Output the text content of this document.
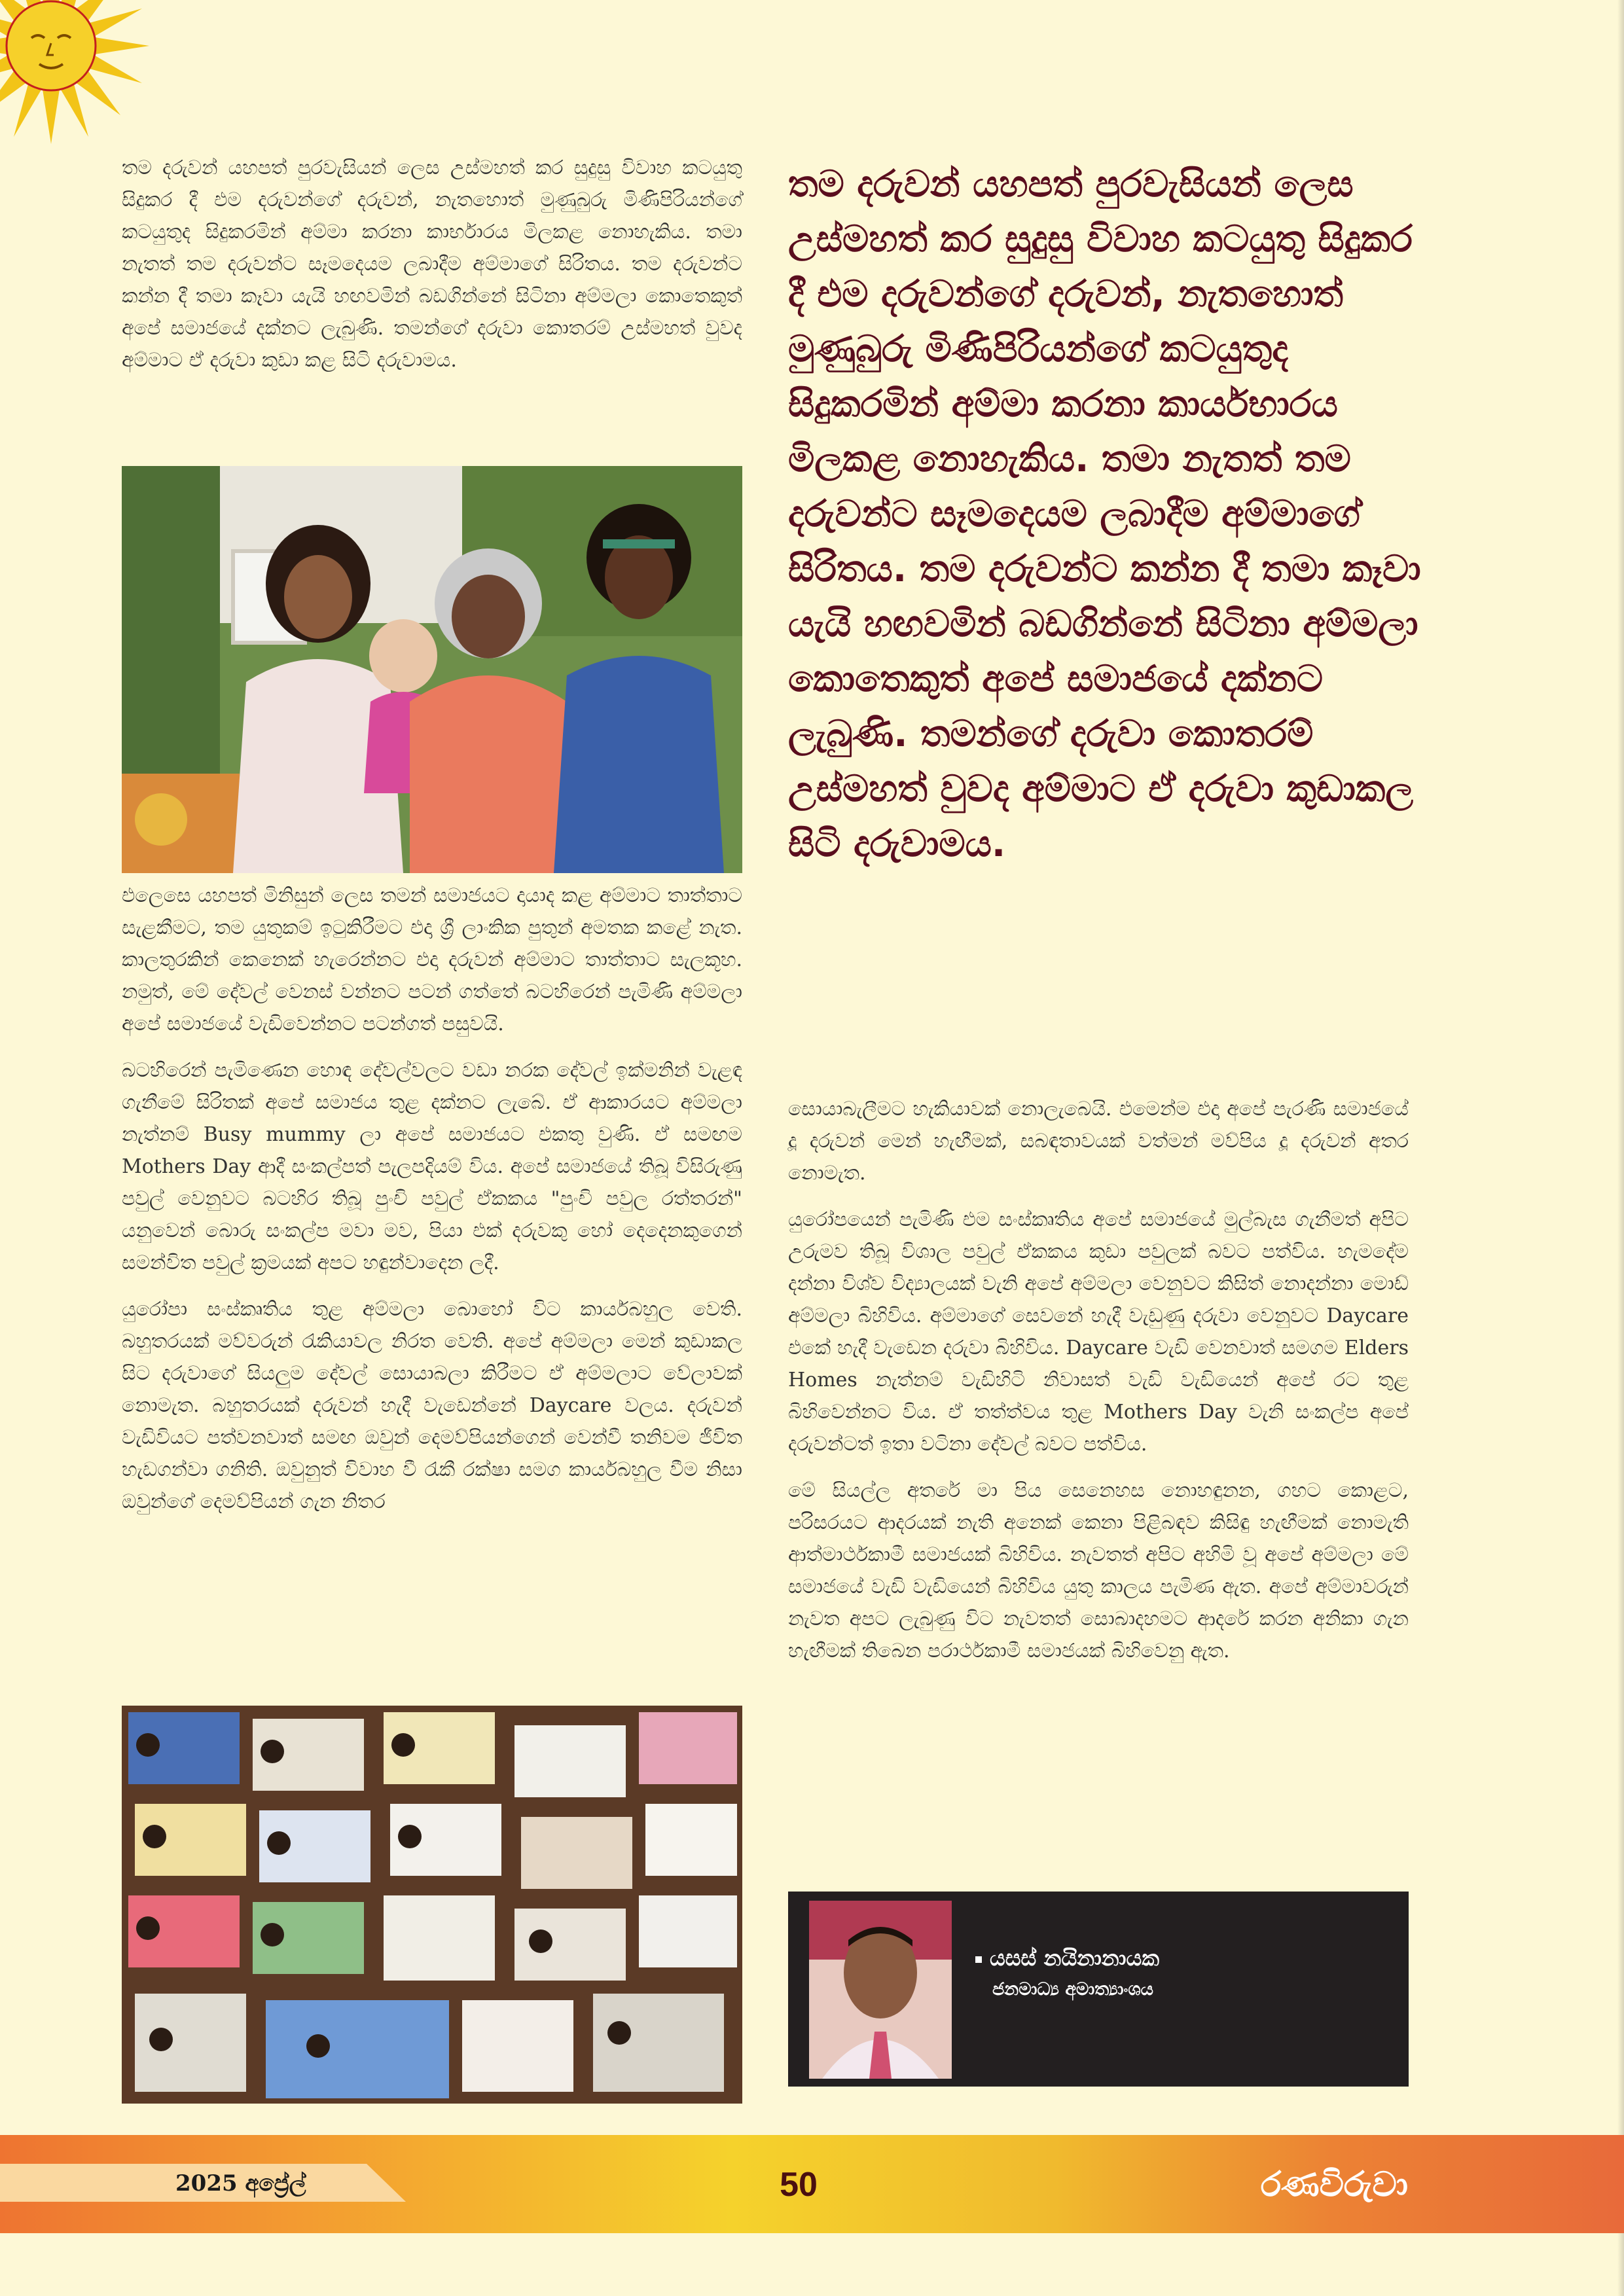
තම දරුවන් යහපත් පුරවැසියන් ලෙස උස්මහත් කර සුදුසු විවාහ කටයුතු සිදුකර දී එම දරුවන්ගේ දරුවන්, නැතහොත් මුණුබුරු මිණිපිරියන්ගේ කටයුතුද සිදුකරමින් අම්මා කරනා කාර්භාරය මිලකළ නොහැකිය. තමා නැතත් තම දරුවන්ට සෑමදෙයම ලබාදීම අම්මාගේ සිරිතය. තම දරුවන්ට කන්න දී තමා කෑවා යැයි හඟවමින් බඩගින්නේ සිටිනා අම්මලා කොතෙකුත් අපේ සමාජයේ දක්නට ලැබුණි. තමන්ගේ දරුවා කොතරම් උස්මහත් වුවද අම්මාට ඒ දරුවා කුඩා කළ සිටි දරුවාමය.

එලෙසෙ යහපත් මිනිසුන් ලෙස තමන් සමාජයට දායාද කළ අම්මාට තාත්තාට සැළකීමට, තම යුතුකම් ඉටුකිරීමට එදා ශ්‍රී ලාංකික පුතුන් අමතක කළේ නැත. කාලතුරකින් කෙනෙක් හැරෙන්නට එදා දරුවන් අම්මාට තාත්තාට සැලකූහ. නමුත්, මේ දේවල් වෙනස් වන්නට පටන් ගත්තේ බටහිරෙන් පැමිණි අම්මලා අපේ සමාජයේ වැඩිවෙන්නට පටන්ගත් පසුවයි.

බටහිරෙන් පැමිණෙන හොඳ දේවල්වලට වඩා නරක දේවල් ඉක්මනින් වැළඳ ගැනීමේ සිරිතක් අපේ සමාජය තුළ දක්නට ලැබේ. ඒ ආකාරයට අම්මලා නැත්නම් Busy mummy ලා අපේ සමාජයට එකතු වුණි. ඒ සමඟම Mothers Day ආදී සංකල්පත් පැලපදියම් විය. අපේ සමාජයේ තිබූ විසිරුණු පවුල් වෙනුවට බටහිර තිබූ පුංචි පවුල් ඒකකය "පුංචි පවුල රත්තරන්" යනුවෙන් බොරු සංකල්ප මවා මව, පියා එක් දරුවකු හෝ දෙදෙනකුගෙන් සමන්විත පවුල් ක්‍රමයක් අපට හඳුන්වාදෙන ලදී.

යුරෝපා සංස්කෘතිය තුළ අම්මලා බොහෝ විට කාර්යබහුල වෙති. බහුතරයක් මව්වරුන් රැකියාවල නිරත වෙති. අපේ අම්මලා මෙන් කුඩාකල සිට දරුවාගේ සියලුම දේවල් සොයාබලා කිරීමට ඒ අම්මලාට වේලාවක් නොමැත. බහුතරයක් දරුවන් හැදී වැඩෙන්නේ Daycare වලය. දරුවන් වැඩිවියට පත්වනවාත් සමඟ ඔවුන් දෙමව්පියන්ගෙන් වෙන්වී තනිවම ජීවිත හැඩගන්වා ගනිති. ඔවුනුත් විවාහ වී රැකී රක්ෂා සමග කාර්යබහුල වීම නිසා ඔවුන්ගේ දෙමව්පියන් ගැන නිතර

තම දරුවන් යහපත් පුරවැසියන් ලෙස උස්මහත් කර සුදුසු විවාහ කටයුතු සිදුකර දී එම දරුවන්ගේ දරුවන්, නැතහොත් මුණුබුරු මිණිපිරියන්ගේ කටයුතුද සිදුකරමින් අම්මා කරනා කාර්යභාරය මිලකළ නොහැකිය. තමා නැතත් තම දරුවන්ට සෑමදෙයම ලබාදීම අම්මාගේ සිරිතය. තම දරුවන්ට කන්න දී තමා කෑවා යැයි හඟවමින් බඩගින්නේ සිටිනා අම්මලා කොතෙකුත් අපේ සමාජයේ දක්නට ලැබුණි. තමන්ගේ දරුවා කොතරම් උස්මහත් වුවද අම්මාට ඒ දරුවා කුඩාකල සිටි දරුවාමය.

සොයාබැලීමට හැකියාවක් නොලැබෙයි. එමෙන්ම එදා අපේ පැරණි සමාජයේ දූ දරුවන් මෙන් හැඟීමක්, සබඳතාවයක් වත්මන් මව්පිය දූ දරුවන් අතර නොමැත.

යුරෝපයෙන් පැමිණි එම සංස්කෘතිය අපේ සමාජයේ මුල්බැස ගැනීමත් අපිට උරුමව තිබූ විශාල පවුල් ඒකකය කුඩා පවුලක් බවට පත්විය. හැමදේම දන්නා විශ්ව විද්‍යාලයක් වැනි අපේ අම්මලා වෙනුවට කිසිත් නොදන්නා මොඩ් අම්මලා බිහිවිය. අම්මාගේ සෙවනේ හැදී වැඩුණු දරුවා වෙනුවට Daycare එකේ හැදී වැඩෙන දරුවා බිහිවිය. Daycare වැඩි වෙනවාත් සමගම Elders Homes නැත්නම් වැඩිහිටි නිවාසත් වැඩි වැඩියෙන් අපේ රට තුළ බිහිවෙන්නට විය. ඒ තත්ත්වය තුළ Mothers Day වැනි සංකල්ප අපේ දරුවන්ටත් ඉතා වටිනා දේවල් බවට පත්විය.

මේ සියල්ල අතරේ මා පිය සෙනෙහස නොහඳුනන, ගහට කොළට, පරිසරයට ආදරයක් නැති අනෙක් කෙනා පිළිබඳව කිසිඳු හැඟීමක් නොමැති ආත්මාර්ථකාමී සමාජයක් බිහිවිය. නැවතත් අපිට අහිමි වූ අපේ අම්මලා මේ සමාජයේ වැඩි වැඩියෙන් බිහිවිය යුතු කාලය පැමිණ ඇත. අපේ අම්මාවරුන් නැවත අපට ලැබුණු විට නැවතත් සොබාදහමට ආදරේ කරන අනිකා ගැන හැඟීමක් තිබෙන පරාර්ථකාමී සමාජයක් බිහිවෙනු ඇත.

යසස් නයිනානායක
ජනමාධ්‍ය අමාත්‍යාංශය
2025 අප්‍රේල්	50	රණවිරුවා
